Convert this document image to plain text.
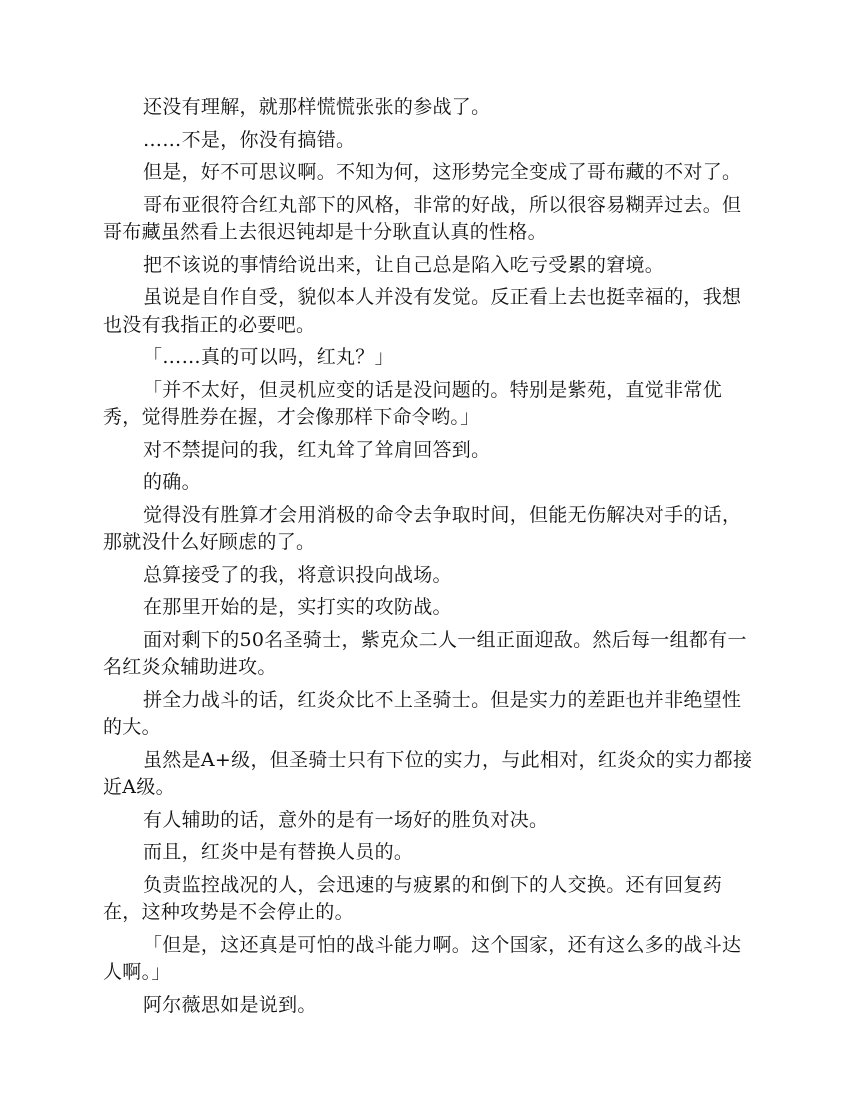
还没有理解，就那样慌慌张张的参战了。

……不是，你没有搞错。

但是，好不可思议啊。不知为何，这形势完全变成了哥布藏的不对了。

哥布亚很符合红丸部下的风格，非常的好战，所以很容易糊弄过去。但哥布藏虽然看上去很迟钝却是十分耿直认真的性格。

把不该说的事情给说出来，让自己总是陷入吃亏受累的窘境。

虽说是自作自受，貌似本人并没有发觉。反正看上去也挺幸福的，我想也没有我指正的必要吧。

「……真的可以吗，红丸？」

「并不太好，但灵机应变的话是没问题的。特别是紫苑，直觉非常优秀，觉得胜券在握，才会像那样下命令哟。」

对不禁提问的我，红丸耸了耸肩回答到。

的确。

觉得没有胜算才会用消极的命令去争取时间，但能无伤解决对手的话，那就没什么好顾虑的了。

总算接受了的我，将意识投向战场。

在那里开始的是，实打实的攻防战。

面对剩下的50名圣骑士，紫克众二人一组正面迎敌。然后每一组都有一名红炎众辅助进攻。

拼全力战斗的话，红炎众比不上圣骑士。但是实力的差距也并非绝望性的大。

虽然是A+级，但圣骑士只有下位的实力，与此相对，红炎众的实力都接近A级。

有人辅助的话，意外的是有一场好的胜负对决。

而且，红炎中是有替换人员的。

负责监控战况的人，会迅速的与疲累的和倒下的人交换。还有回复药在，这种攻势是不会停止的。

「但是，这还真是可怕的战斗能力啊。这个国家，还有这么多的战斗达人啊。」

阿尔薇思如是说到。
